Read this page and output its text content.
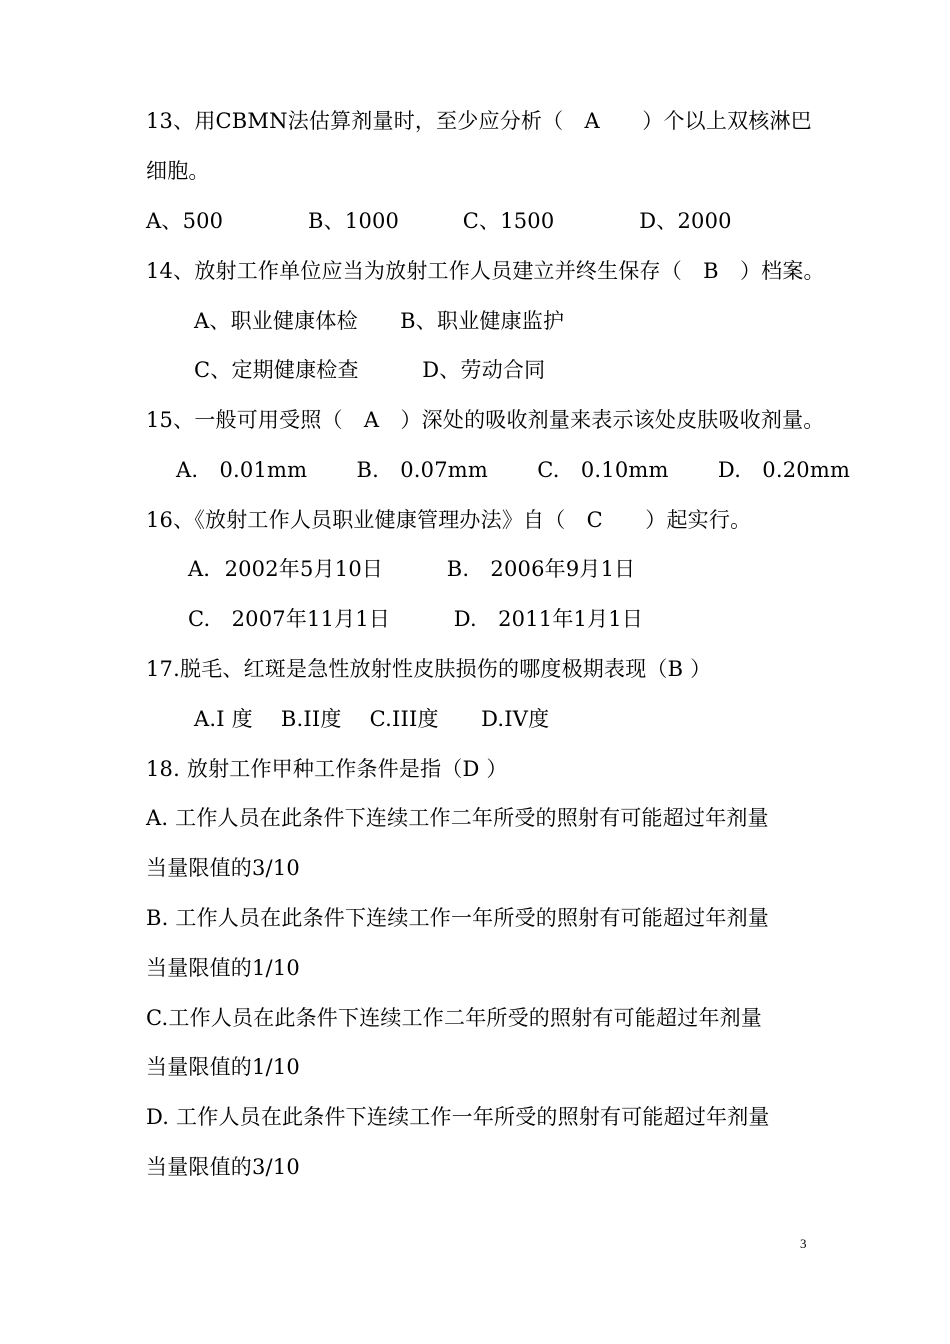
13、用CBMN法估算剂量时，至少应分析（　A　　）个以上双核淋巴
细胞。
A、500　　　　B、1000　　　C、1500　　　　D、2000
14、放射工作单位应当为放射工作人员建立并终生保存（　B　）档案。
A、职业健康体检　　B、职业健康监护
C、定期健康检查　　　D、劳动合同
15、一般可用受照（　A　）深处的吸收剂量来表示该处皮肤吸收剂量。
A.　0.01mm　　 B.　0.07mm　　 C.　0.10mm　　 D.　0.20mm
16、《放射工作人员职业健康管理办法》自（　C　　）起实行。
A．2002年5月10日　　　B.　2006年9月1日
C.　2007年11月1日　　　D.　2011年1月1日
17.脱毛、红斑是急性放射性皮肤损伤的哪度极期表现（B ）
A.I 度　 B.II度　 C.III度　　D.IV度
18. 放射工作甲种工作条件是指（D ）
A. 工作人员在此条件下连续工作二年所受的照射有可能超过年剂量
当量限值的3/10
B. 工作人员在此条件下连续工作一年所受的照射有可能超过年剂量
当量限值的1/10
C.工作人员在此条件下连续工作二年所受的照射有可能超过年剂量
当量限值的1/10
D. 工作人员在此条件下连续工作一年所受的照射有可能超过年剂量
当量限值的3/10
3
